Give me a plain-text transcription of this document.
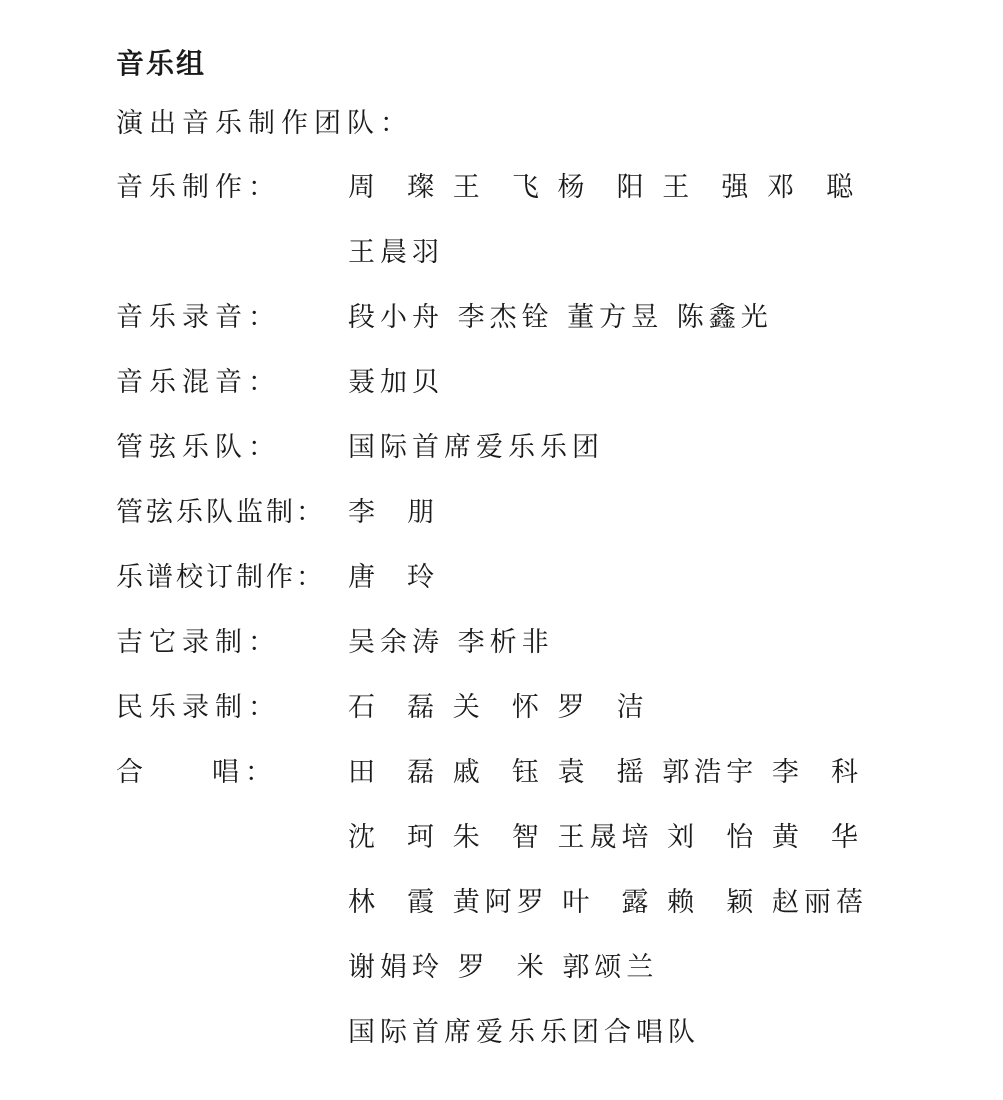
音乐组
演出音乐制作团队：
音乐制作：	周  璨 王  飞 杨  阳 王  强 邓  聪
王晨羽
音乐录音：	段小舟 李杰铨 董方昱 陈鑫光
音乐混音：	聂加贝
管弦乐队：	国际首席爱乐乐团
管弦乐队监制： 李  朋
乐谱校订制作： 唐  玲
吉它录制：	吴余涛 李析非
民乐录制：	石  磊 关  怀 罗  洁
合	唱：	田  磊 戚  钰 袁  摇 郭浩宇 李  科
沈  珂 朱  智 王晟培 刘  怡 黄  华
林  霞 黄阿罗 叶  露 赖  颖 赵丽蓓
谢娟玲 罗  米 郭颂兰
国际首席爱乐乐团合唱队
